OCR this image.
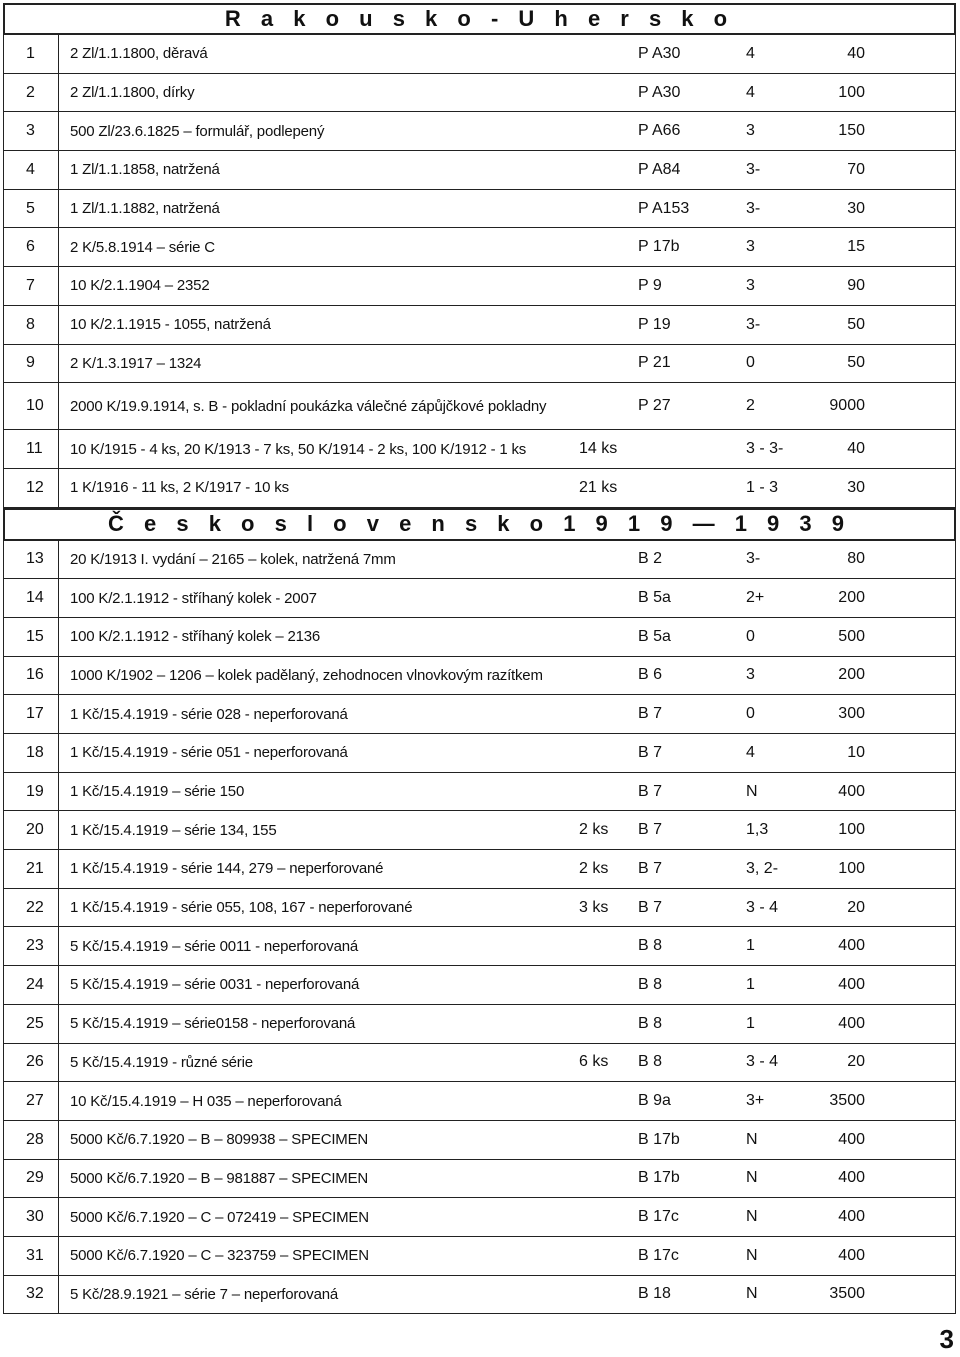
R a k o u s k o - U h e r s k o
1	2 Zl/1.1.1800, děravá	P A30	4	40
2	2 Zl/1.1.1800, dírky	P A30	4	100
3	500 Zl/23.6.1825 – formulář, podlepený	P A66	3	150
4	1 Zl/1.1.1858, natržená	P A84	3-	70
5	1 Zl/1.1.1882, natržená	P A153	3-	30
6	2 K/5.8.1914 – série C	P 17b	3	15
7	10 K/2.1.1904 – 2352	P 9	3	90
8	10 K/2.1.1915 - 1055, natržená	P 19	3-	50
9	2 K/1.3.1917 – 1324	P 21	0	50
10	2000 K/19.9.1914, s. B - pokladní poukázka válečné zápůjčkové pokladny	P 27	2	9000
11	10 K/1915 - 4 ks, 20 K/1913 - 7 ks, 50 K/1914 - 2 ks, 100 K/1912 - 1 ks	14 ks	3 - 3-	40
12	1 K/1916 - 11 ks, 2 K/1917 - 10 ks	21 ks	1 - 3	30
Č e s k o s l o v e n s k o 1 9 1 9 — 1 9 3 9
13	20 K/1913 I. vydání – 2165 – kolek, natržená 7mm	B 2	3-	80
14	100 K/2.1.1912 - stříhaný kolek - 2007	B 5a	2+	200
15	100 K/2.1.1912 - stříhaný kolek – 2136	B 5a	0	500
16	1000 K/1902 – 1206 – kolek padělaný, zehodnocen vlnovkovým razítkem	B 6	3	200
17	1 Kč/15.4.1919 - série 028 - neperforovaná	B 7	0	300
18	1 Kč/15.4.1919 - série 051 - neperforovaná	B 7	4	10
19	1 Kč/15.4.1919 – série 150	B 7	N	400
20	1 Kč/15.4.1919 – série 134, 155	2 ks	B 7	1,3	100
21	1 Kč/15.4.1919 - série 144, 279 – neperforované	2 ks	B 7	3, 2-	100
22	1 Kč/15.4.1919 - série 055, 108, 167 - neperforované	3 ks	B 7	3 - 4	20
23	5 Kč/15.4.1919 – série 0011 - neperforovaná	B 8	1	400
24	5 Kč/15.4.1919 – série 0031 - neperforovaná	B 8	1	400
25	5 Kč/15.4.1919 – série0158 - neperforovaná	B 8	1	400
26	5 Kč/15.4.1919 - různé série	6 ks	B 8	3 - 4	20
27	10 Kč/15.4.1919 – H 035 – neperforovaná	B 9a	3+	3500
28	5000 Kč/6.7.1920 – B – 809938 – SPECIMEN	B 17b	N	400
29	5000 Kč/6.7.1920 – B – 981887 – SPECIMEN	B 17b	N	400
30	5000 Kč/6.7.1920 – C – 072419 – SPECIMEN	B 17c	N	400
31	5000 Kč/6.7.1920 – C – 323759 – SPECIMEN	B 17c	N	400
32	5 Kč/28.9.1921 – série 7 – neperforovaná	B 18	N	3500
3
